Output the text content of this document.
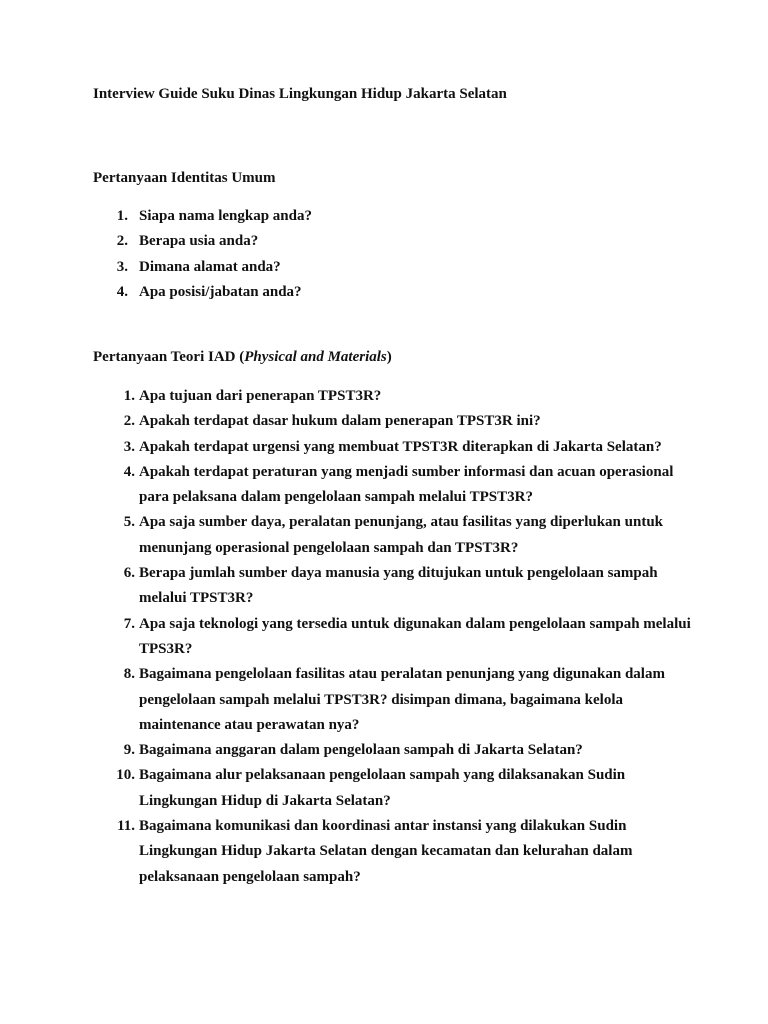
Interview Guide Suku Dinas Lingkungan Hidup Jakarta Selatan
Pertanyaan Identitas Umum
1. Siapa nama lengkap anda?
2. Berapa usia anda?
3. Dimana alamat anda?
4. Apa posisi/jabatan anda?
Pertanyaan Teori IAD (Physical and Materials)
1. Apa tujuan dari penerapan TPST3R?
2. Apakah terdapat dasar hukum dalam penerapan TPST3R ini?
3. Apakah terdapat urgensi yang membuat TPST3R diterapkan di Jakarta Selatan?
4. Apakah terdapat peraturan yang menjadi sumber informasi dan acuan operasional para pelaksana dalam pengelolaan sampah melalui TPST3R?
5. Apa saja sumber daya, peralatan penunjang, atau fasilitas yang diperlukan untuk menunjang operasional pengelolaan sampah dan TPST3R?
6. Berapa jumlah sumber daya manusia yang ditujukan untuk pengelolaan sampah melalui TPST3R?
7. Apa saja teknologi yang tersedia untuk digunakan dalam pengelolaan sampah melalui TPS3R?
8. Bagaimana pengelolaan fasilitas atau peralatan penunjang yang digunakan dalam pengelolaan sampah melalui TPST3R? disimpan dimana, bagaimana kelola maintenance atau perawatan nya?
9. Bagaimana anggaran dalam pengelolaan sampah di Jakarta Selatan?
10. Bagaimana alur pelaksanaan pengelolaan sampah yang dilaksanakan Sudin Lingkungan Hidup di Jakarta Selatan?
11. Bagaimana komunikasi dan koordinasi antar instansi yang dilakukan Sudin Lingkungan Hidup Jakarta Selatan dengan kecamatan dan kelurahan dalam pelaksanaan pengelolaan sampah?
